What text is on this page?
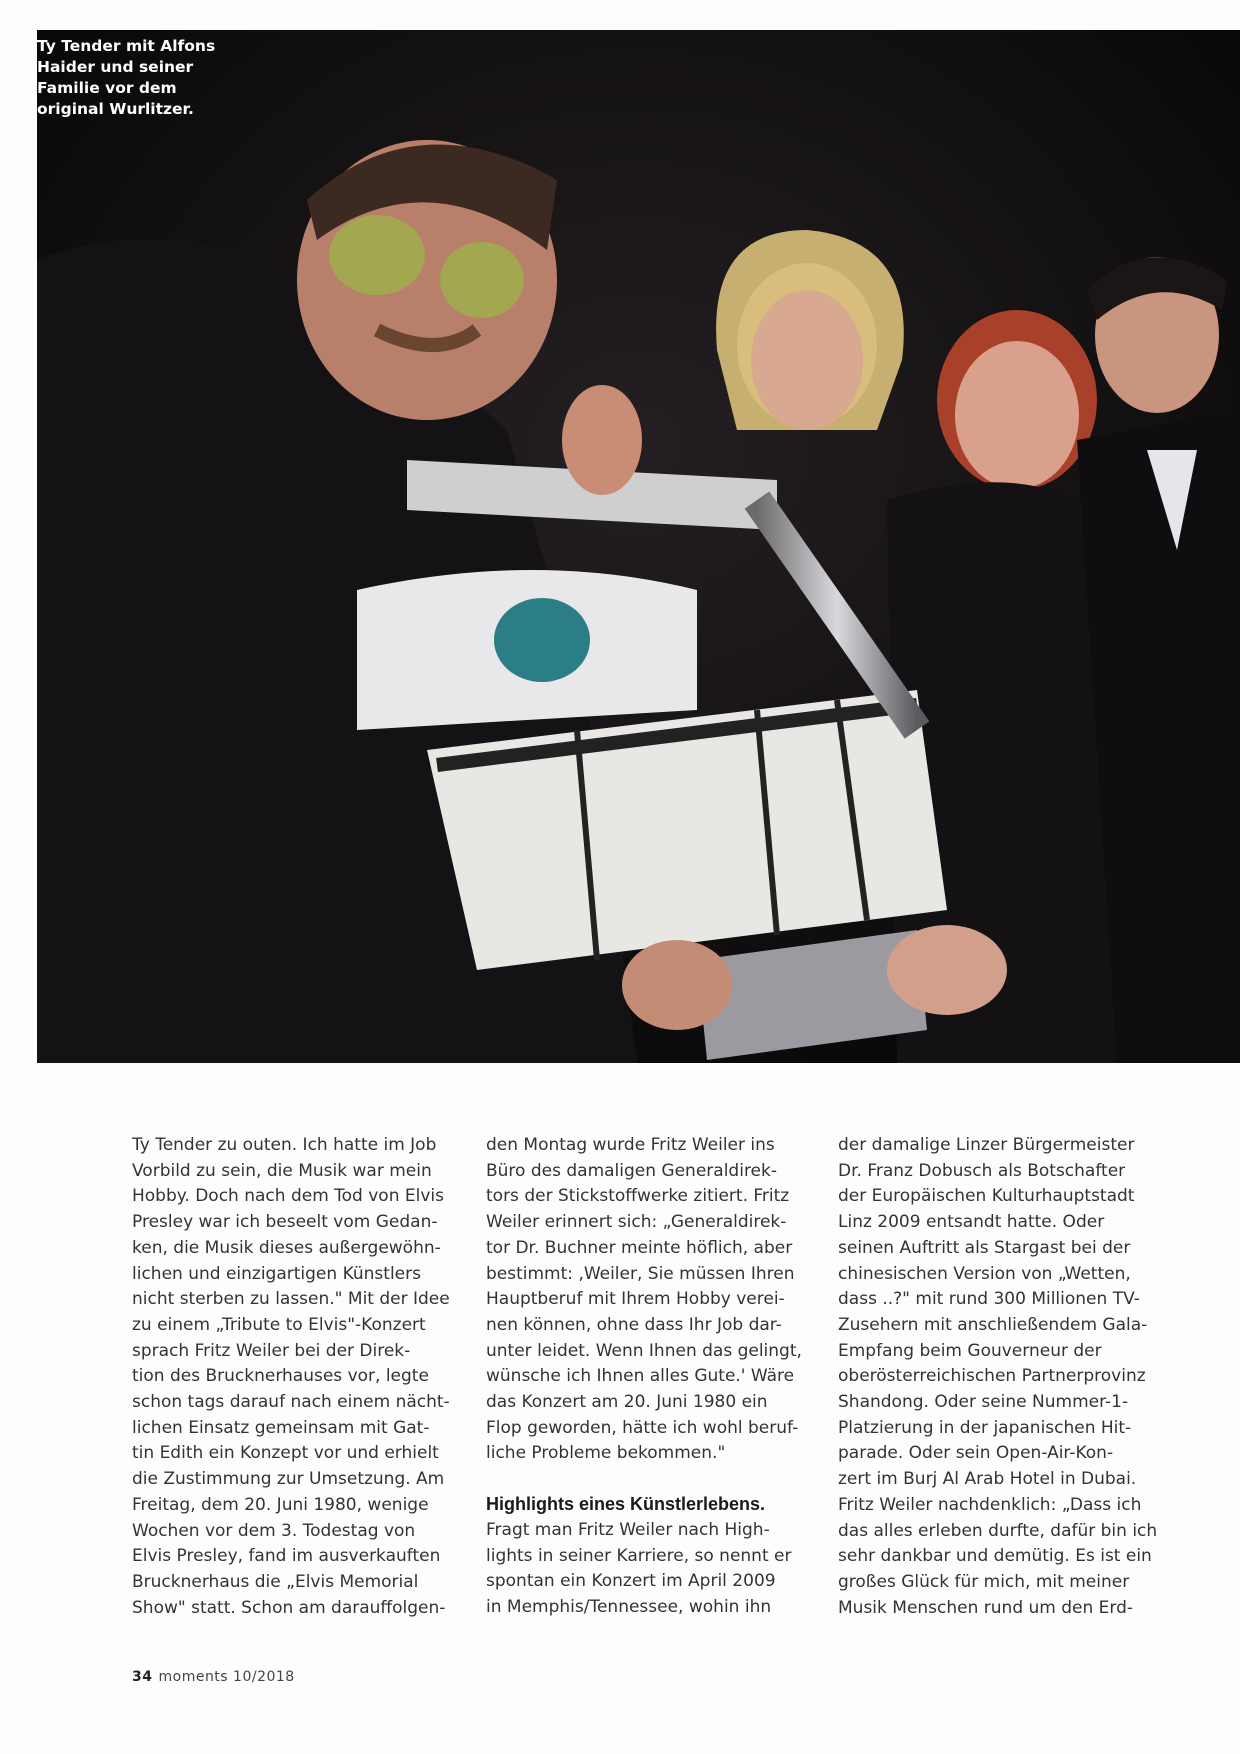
Ty Tender mit Alfons
Haider und seiner
Familie vor dem
original Wurlitzer.

Ty Tender zu outen. Ich hatte im Job
Vorbild zu sein, die Musik war mein
Hobby. Doch nach dem Tod von Elvis
Presley war ich beseelt vom Gedan-
ken, die Musik dieses außergewöhn-
lichen und einzigartigen Künstlers
nicht sterben zu lassen." Mit der Idee
zu einem „Tribute to Elvis"-Konzert
sprach Fritz Weiler bei der Direk-
tion des Brucknerhauses vor, legte
schon tags darauf nach einem nächt-
lichen Einsatz gemeinsam mit Gat-
tin Edith ein Konzept vor und erhielt
die Zustimmung zur Umsetzung. Am
Freitag, dem 20. Juni 1980, wenige
Wochen vor dem 3. Todestag von
Elvis Presley, fand im ausverkauften
Brucknerhaus die „Elvis Memorial
Show" statt. Schon am darauffolgen-
den Montag wurde Fritz Weiler ins
Büro des damaligen Generaldirek-
tors der Stickstoffwerke zitiert. Fritz
Weiler erinnert sich: „Generaldirek-
tor Dr. Buchner meinte höflich, aber
bestimmt: ‚Weiler, Sie müssen Ihren
Hauptberuf mit Ihrem Hobby verei-
nen können, ohne dass Ihr Job dar-
unter leidet. Wenn Ihnen das gelingt,
wünsche ich Ihnen alles Gute.' Wäre
das Konzert am 20. Juni 1980 ein
Flop geworden, hätte ich wohl beruf-
liche Probleme bekommen."
Highlights eines Künstlerlebens.
Fragt man Fritz Weiler nach High-
lights in seiner Karriere, so nennt er
spontan ein Konzert im April 2009
in Memphis/Tennessee, wohin ihn
der damalige Linzer Bürgermeister
Dr. Franz Dobusch als Botschafter
der Europäischen Kulturhauptstadt
Linz 2009 entsandt hatte. Oder
seinen Auftritt als Stargast bei der
chinesischen Version von „Wetten,
dass ..?" mit rund 300 Millionen TV-
Zusehern mit anschließendem Gala-
Empfang beim Gouverneur der
oberösterreichischen Partnerprovinz
Shandong. Oder seine Nummer-1-
Platzierung in der japanischen Hit-
parade. Oder sein Open-Air-Kon-
zert im Burj Al Arab Hotel in Dubai.
Fritz Weiler nachdenklich: „Dass ich
das alles erleben durfte, dafür bin ich
sehr dankbar und demütig. Es ist ein
großes Glück für mich, mit meiner
Musik Menschen rund um den Erd-
34 moments 10/2018
